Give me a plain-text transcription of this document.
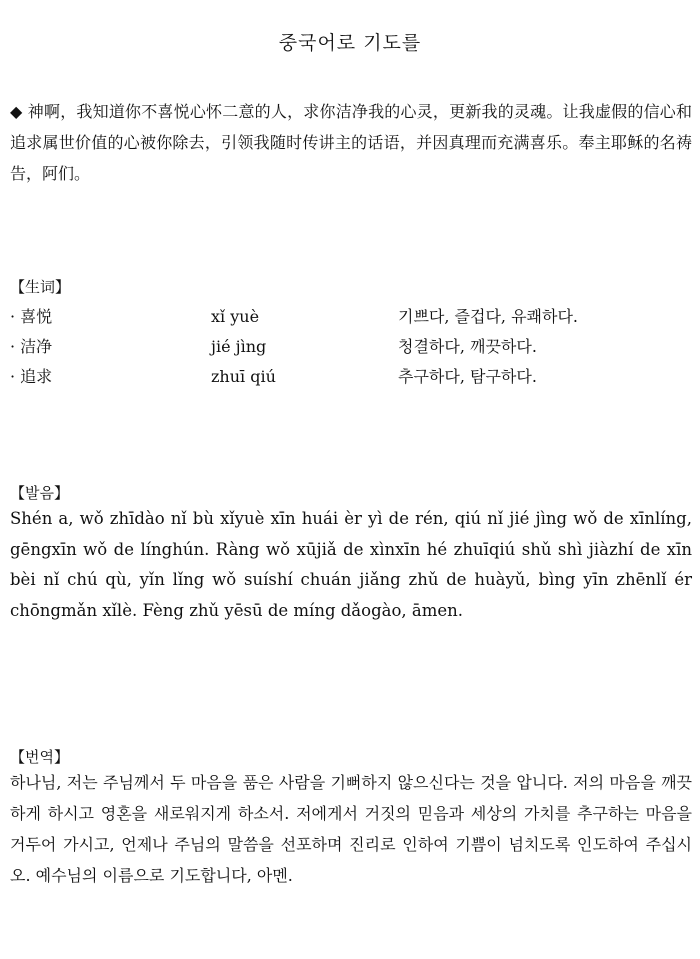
중국어로 기도를
◆ 神啊，我知道你不喜悦心怀二意的人，求你洁净我的心灵，更新我的灵魂。让我虚假的信心和追求属世价值的心被你除去，引领我随时传讲主的话语，并因真理而充满喜乐。奉主耶稣的名祷告，阿们。
【生词】
· 喜悦	xǐ yuè	기쁘다, 즐겁다, 유쾌하다.
· 洁净	jié jìng	청결하다, 깨끗하다.
· 追求	zhuī qiú	추구하다, 탐구하다.
【발음】
Shén a, wǒ zhīdào nǐ bù xǐyuè xīn huái èr yì de rén, qiú nǐ jié jìng wǒ de xīnlíng, gēngxīn wǒ de línghún. Ràng wǒ xūjiǎ de xìnxīn hé zhuīqiú shǔ shì jiàzhí de xīn bèi nǐ chú qù, yǐn lǐng wǒ suíshí chuán jiǎng zhǔ de huàyǔ, bìng yīn zhēnlǐ ér chōngmǎn xǐlè. Fèng zhǔ yēsū de míng dǎogào, āmen.
【번역】
하나님, 저는 주님께서 두 마음을 품은 사람을 기뻐하지 않으신다는 것을 압니다. 저의 마음을 깨끗하게 하시고 영혼을 새로워지게 하소서. 저에게서 거짓의 믿음과 세상의 가치를 추구하는 마음을 거두어 가시고, 언제나 주님의 말씀을 선포하며 진리로 인하여 기쁨이 넘치도록 인도하여 주십시오. 예수님의 이름으로 기도합니다, 아멘.
